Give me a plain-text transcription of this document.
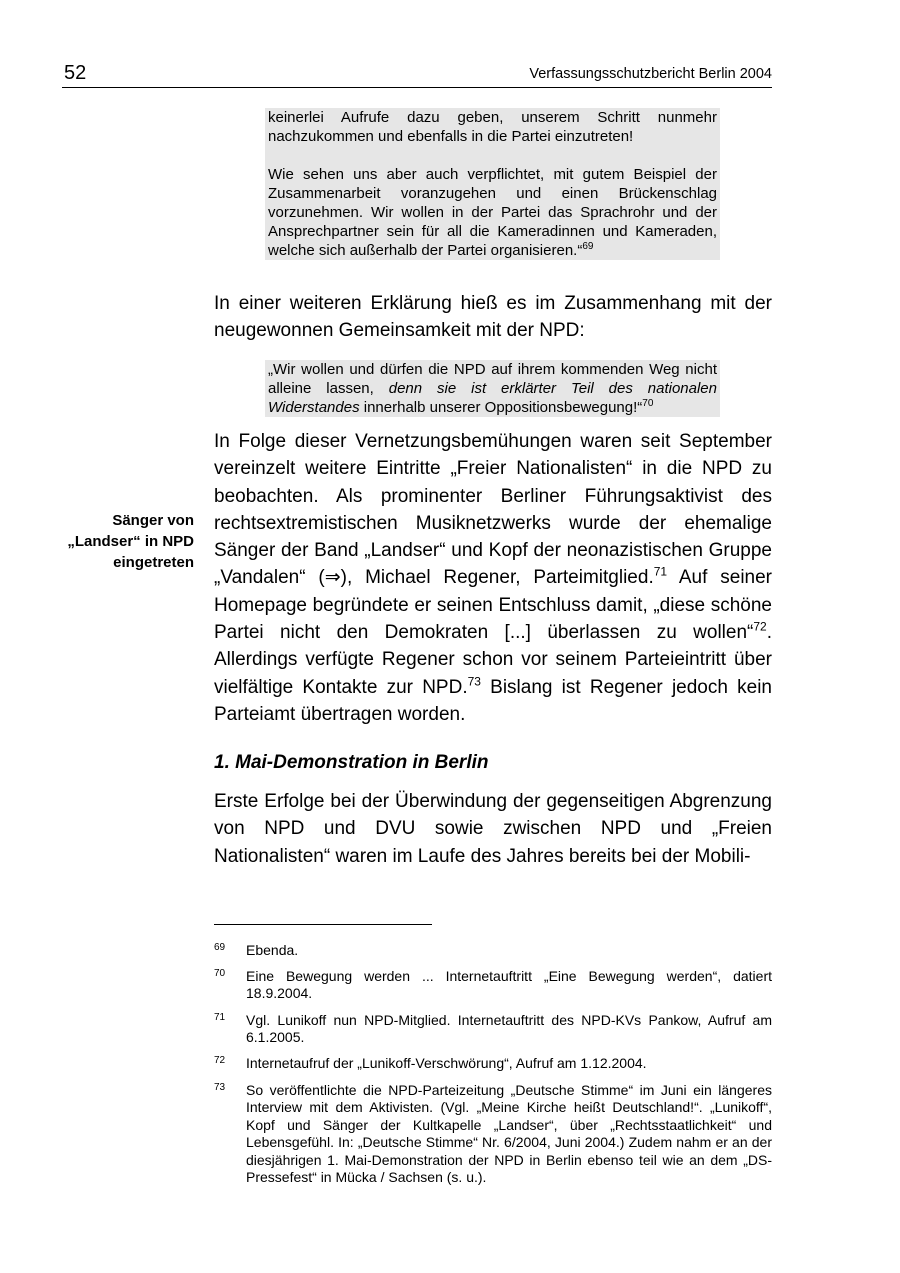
52	Verfassungsschutzbericht Berlin 2004

keinerlei Aufrufe dazu geben, unserem Schritt nunmehr nachzukommen und ebenfalls in die Partei einzutreten!

Wie sehen uns aber auch verpflichtet, mit gutem Beispiel der Zusammenarbeit voranzugehen und einen Brückenschlag vorzunehmen. Wir wollen in der Partei das Sprachrohr und der Ansprechpartner sein für all die Kameradinnen und Kameraden, welche sich außerhalb der Partei organisieren.“$^{69}$

In einer weiteren Erklärung hieß es im Zusammenhang mit der neugewonnen Gemeinsamkeit mit der NPD:

„Wir wollen und dürfen die NPD auf ihrem kommenden Weg nicht alleine lassen, denn sie ist erklärter Teil des nationalen Widerstandes innerhalb unserer Oppositionsbewegung!“$^{70}$

Sänger von
„Landser“ in NPD
eingetreten

In Folge dieser Vernetzungsbemühungen waren seit September vereinzelt weitere Eintritte „Freier Nationalisten“ in die NPD zu beobachten. Als prominenter Berliner Führungsaktivist des rechtsextremistischen Musiknetzwerks wurde der ehemalige Sänger der Band „Landser“ und Kopf der neonazistischen Gruppe „Vandalen“ (⇒), Michael Regener, Parteimitglied.$^{71}$ Auf seiner Homepage begründete er seinen Entschluss damit, „diese schöne Partei nicht den Demokraten [...] überlassen zu wollen“$^{72}$. Allerdings verfügte Regener schon vor seinem Parteieintritt über vielfältige Kontakte zur NPD.$^{73}$ Bislang ist Regener jedoch kein Parteiamt übertragen worden.

1. Mai-Demonstration in Berlin

Erste Erfolge bei der Überwindung der gegenseitigen Abgrenzung von NPD und DVU sowie zwischen NPD und „Freien Nationalisten“ waren im Laufe des Jahres bereits bei der Mobili-

69 Ebenda.
70 Eine Bewegung werden ... Internetauftritt „Eine Bewegung werden“, datiert 18.9.2004.
71 Vgl. Lunikoff nun NPD-Mitglied. Internetauftritt des NPD-KVs Pankow, Aufruf am 6.1.2005.
72 Internetaufruf der „Lunikoff-Verschwörung“, Aufruf am 1.12.2004.
73 So veröffentlichte die NPD-Parteizeitung „Deutsche Stimme“ im Juni ein längeres Interview mit dem Aktivisten. (Vgl. „Meine Kirche heißt Deutschland!“. „Lunikoff“, Kopf und Sänger der Kultkapelle „Landser“, über „Rechtsstaatlichkeit“ und Lebensgefühl. In: „Deutsche Stimme“ Nr. 6/2004, Juni 2004.) Zudem nahm er an der diesjährigen 1. Mai-Demonstration der NPD in Berlin ebenso teil wie an dem „DS-Pressefest“ in Mücka / Sachsen (s. u.).
